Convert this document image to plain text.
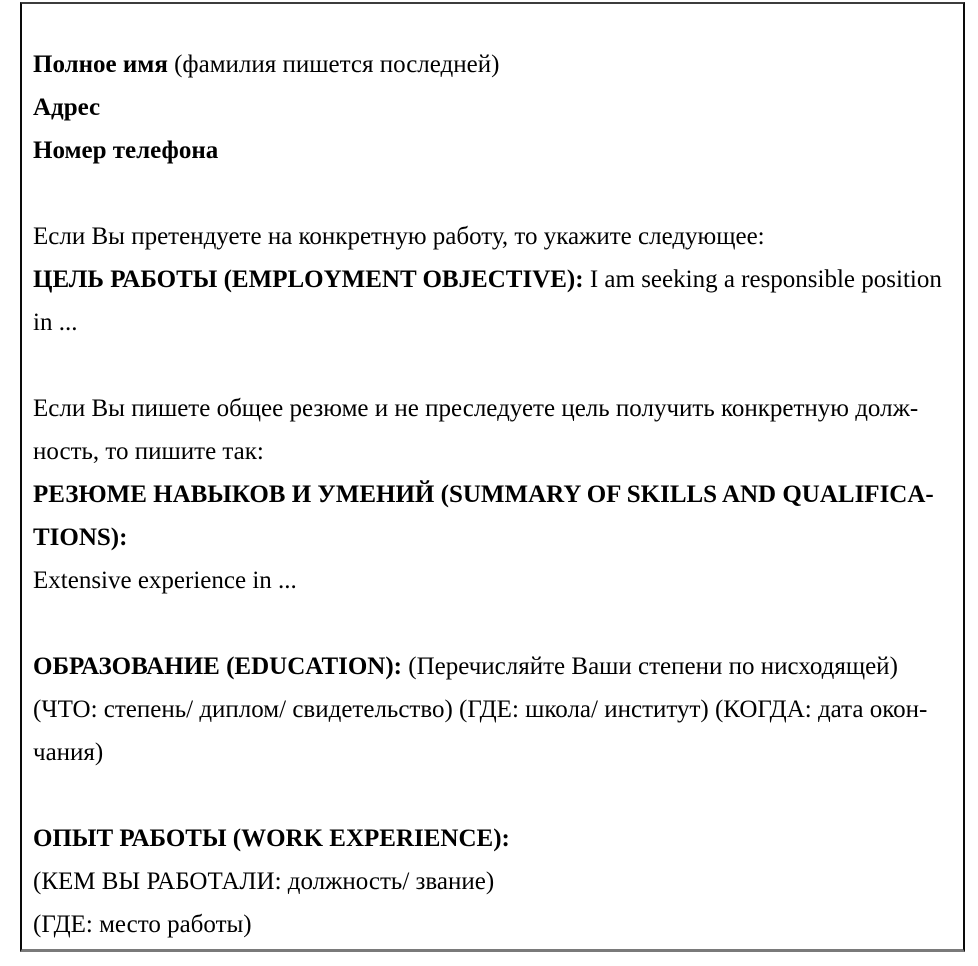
Полное имя (фамилия пишется последней)
Адрес
Номер телефона

Если Вы претендуете на конкретную работу, то укажите следующее:
ЦЕЛЬ РАБОТЫ (EMPLOYMENT OBJECTIVE): I am seeking a responsible position
in ...

Если Вы пишете общее резюме и не преследуете цель получить конкретную долж-
ность, то пишите так:
РЕЗЮМЕ НАВЫКОВ И УМЕНИЙ (SUMMARY OF SKILLS AND QUALIFICA-
TIONS):
Extensive experience in ...

ОБРАЗОВАНИЕ (EDUCATION): (Перечисляйте Ваши степени по нисходящей)
(ЧТО: степень/ диплом/ свидетельство) (ГДЕ: школа/ институт) (КОГДА: дата окон-
чания)

ОПЫТ РАБОТЫ (WORK EXPERIENCE):
(КЕМ ВЫ РАБОТАЛИ: должность/ звание)
(ГДЕ: место работы)
